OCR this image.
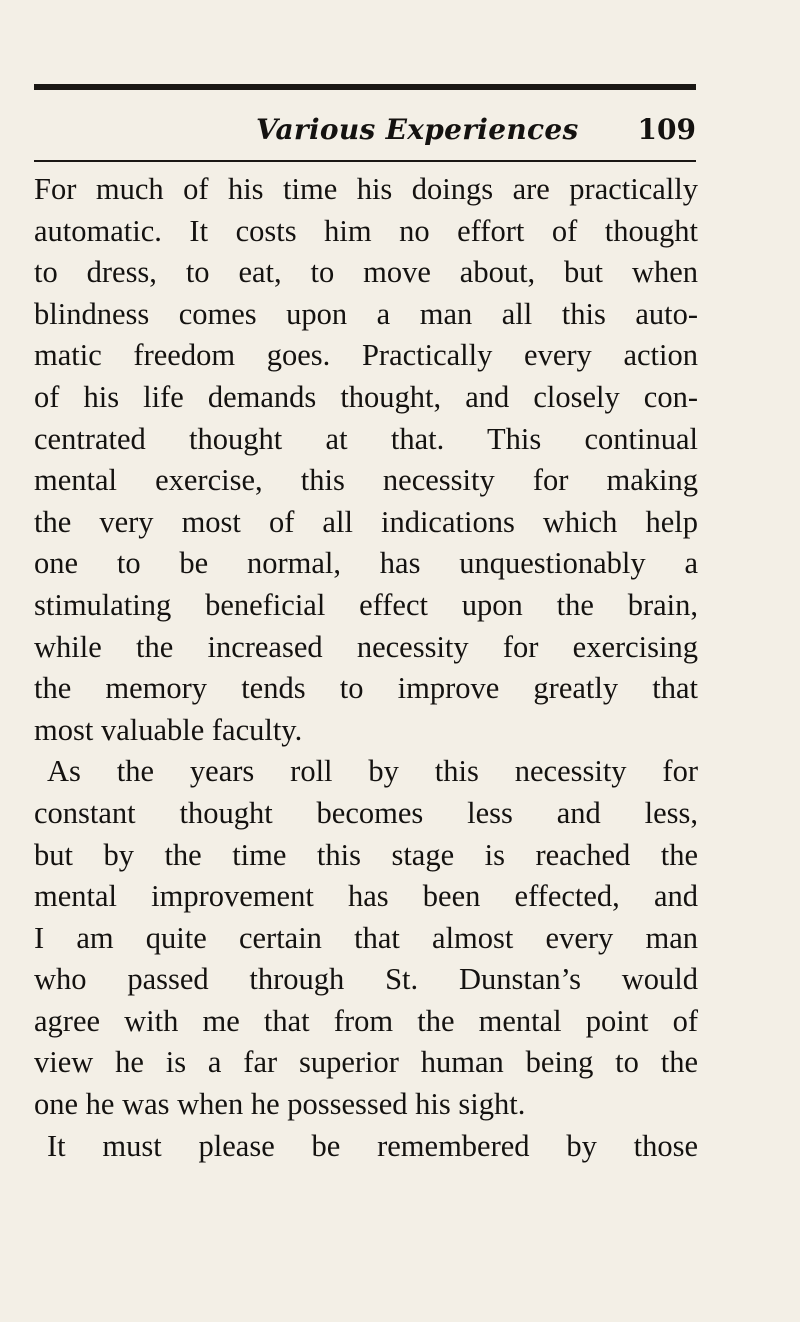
Various Experiences 109
For much of his time his doings are practically
automatic. It costs him no effort of thought
to dress, to eat, to move about, but when
blindness comes upon a man all this auto-
matic freedom goes. Practically every action
of his life demands thought, and closely con-
centrated thought at that. This continual
mental exercise, this necessity for making
the very most of all indications which help
one to be normal, has unquestionably a
stimulating beneficial effect upon the brain,
while the increased necessity for exercising
the memory tends to improve greatly that
most valuable faculty.
As the years roll by this necessity for
constant thought becomes less and less,
but by the time this stage is reached the
mental improvement has been effected, and
I am quite certain that almost every man
who passed through St. Dunstan’s would
agree with me that from the mental point of
view he is a far superior human being to the
one he was when he possessed his sight.
It must please be remembered by those
